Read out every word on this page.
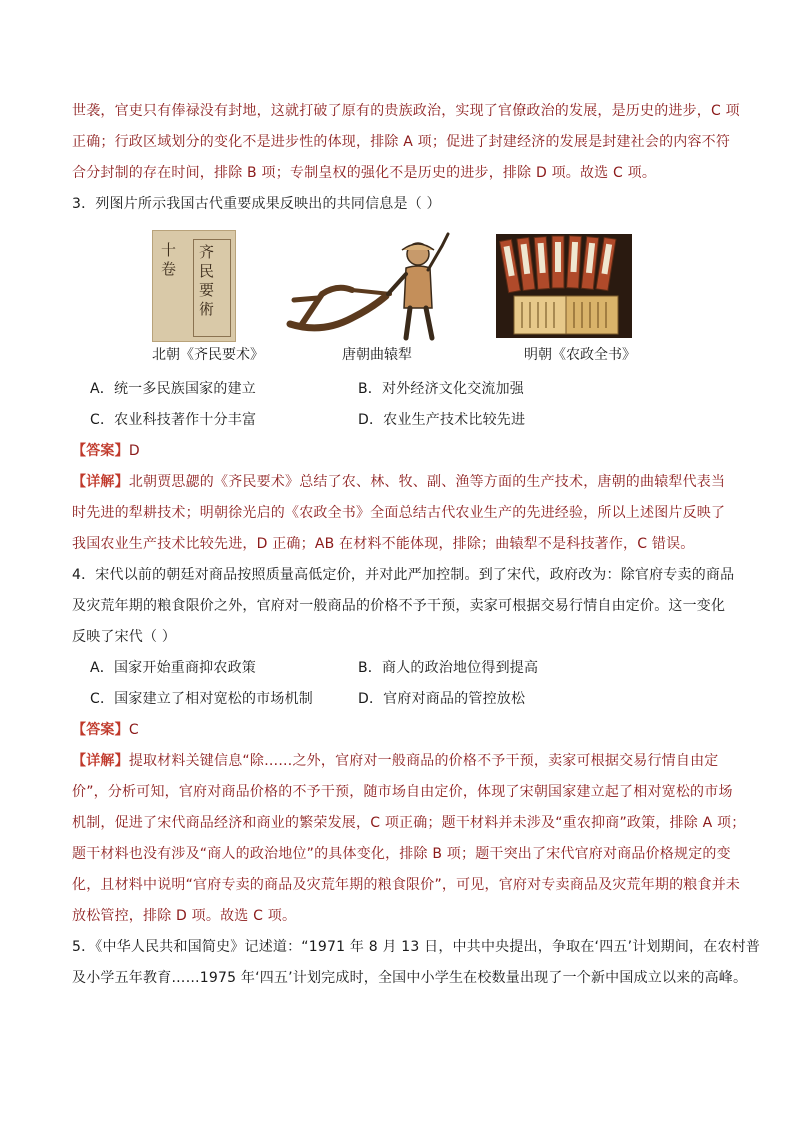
世袭，官吏只有俸禄没有封地，这就打破了原有的贵族政治，实现了官僚政治的发展，是历史的进步，C 项
正确；行政区域划分的变化不是进步性的体现，排除 A 项；促进了封建经济的发展是封建社会的内容不符
合分封制的存在时间，排除 B 项；专制皇权的强化不是历史的进步，排除 D 项。故选 C 项。
3．列图片所示我国古代重要成果反映出的共同信息是（ ）
齐民要術
十卷
北朝《齐民要术》	唐朝曲辕犁	明朝《农政全书》
A．统一多民族国家的建立	B．对外经济文化交流加强
C．农业科技著作十分丰富	D．农业生产技术比较先进
【答案】D
【详解】北朝贾思勰的《齐民要术》总结了农、林、牧、副、渔等方面的生产技术，唐朝的曲辕犁代表当
时先进的犁耕技术；明朝徐光启的《农政全书》全面总结古代农业生产的先进经验，所以上述图片反映了
我国农业生产技术比较先进，D 正确；AB 在材料不能体现，排除；曲辕犁不是科技著作，C 错误。
4．宋代以前的朝廷对商品按照质量高低定价，并对此严加控制。到了宋代，政府改为：除官府专卖的商品
及灾荒年期的粮食限价之外，官府对一般商品的价格不予干预，卖家可根据交易行情自由定价。这一变化
反映了宋代（ ）
A．国家开始重商抑农政策	B．商人的政治地位得到提高
C．国家建立了相对宽松的市场机制	D．官府对商品的管控放松
【答案】C
【详解】提取材料关键信息“除……之外，官府对一般商品的价格不予干预，卖家可根据交易行情自由定
价”，分析可知，官府对商品价格的不予干预，随市场自由定价，体现了宋朝国家建立起了相对宽松的市场
机制，促进了宋代商品经济和商业的繁荣发展，C 项正确；题干材料并未涉及“重农抑商”政策，排除 A 项；
题干材料也没有涉及“商人的政治地位”的具体变化，排除 B 项；题干突出了宋代官府对商品价格规定的变
化，且材料中说明“官府专卖的商品及灾荒年期的粮食限价”，可见，官府对专卖商品及灾荒年期的粮食并未
放松管控，排除 D 项。故选 C 项。
5．《中华人民共和国简史》记述道：“1971 年 8 月 13 日，中共中央提出，争取在‘四五’计划期间，在农村普
及小学五年教育……1975 年‘四五’计划完成时，全国中小学生在校数量出现了一个新中国成立以来的高峰。
